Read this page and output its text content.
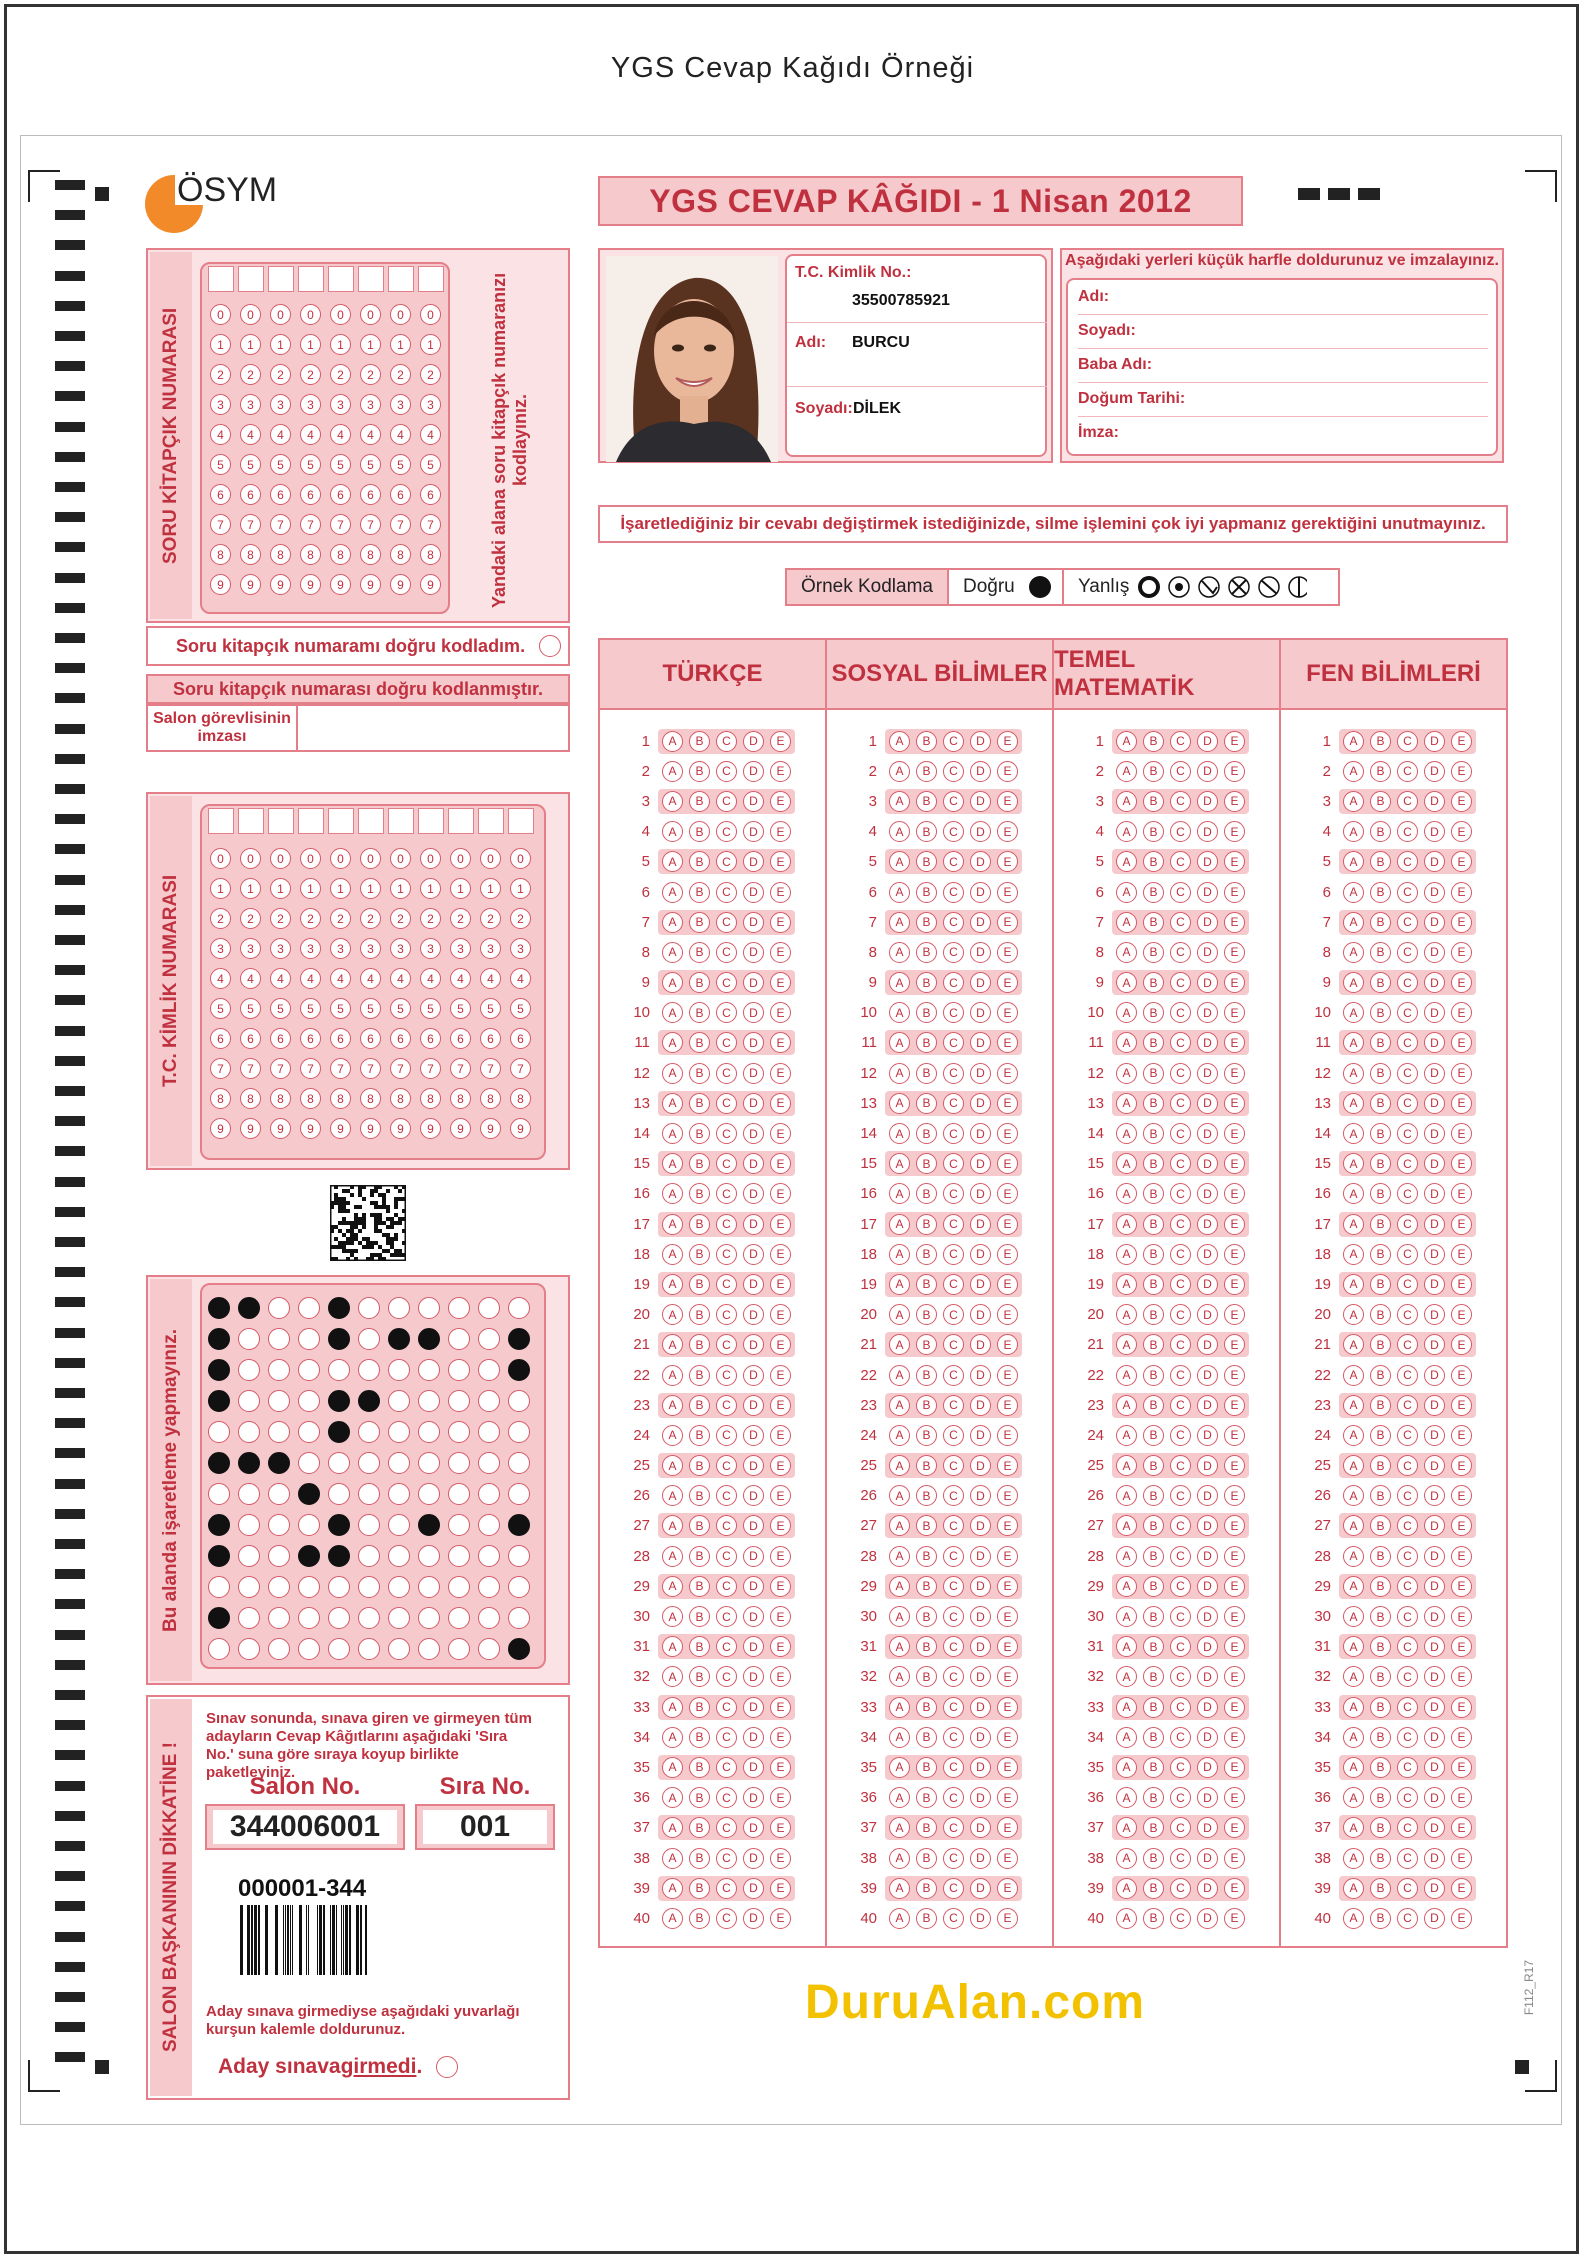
YGS Cevap Kağıdı Örneği
ÖSYM	YGS CEVAP KÂĞIDI - 1 Nisan 2012
T.C. Kimlik No.:
35500785921
Adı: BURCU
Soyadı: DİLEK
Aşağıdaki yerleri küçük harfle doldurunuz ve imzalayınız.
Adı:
Soyadı:
Baba Adı:
Doğum Tarihi:
İmza:
İşaretlediğiniz bir cevabı değiştirmek istediğinizde, silme işlemini çok iyi yapmanız gerektiğini unutmayınız.
Örnek Kodlama	Doğru	Yanlış
SORU KİTAPÇIK NUMARASI	0	0	0	0	0	0	0	0
1	1	1	1	1	1	1	1
2	2	2	2	2	2	2	2
3	3	3	3	3	3	3	3
4	4	4	4	4	4	4	4
5	5	5	5	5	5	5	5
6	6	6	6	6	6	6	6
7	7	7	7	7	7	7	7
8	8	8	8	8	8	8	8
9	9	9	9	9	9	9	9	Yandaki alana soru kitapçık numaranızı kodlayınız.
Soru kitapçık numaramı doğru kodladım.
Soru kitapçık numarası doğru kodlanmıştır.
Salon görevlisinin imzası
T.C. KİMLİK NUMARASI
0	0	0	0	0	0	0	0	0	0	0
1	1	1	1	1	1	1	1	1	1	1
2	2	2	2	2	2	2	2	2	2	2
3	3	3	3	3	3	3	3	3	3	3
4	4	4	4	4	4	4	4	4	4	4
5	5	5	5	5	5	5	5	5	5	5
6	6	6	6	6	6	6	6	6	6	6
7	7	7	7	7	7	7	7	7	7	7
8	8	8	8	8	8	8	8	8	8	8
9	9	9	9	9	9	9	9	9	9	9
Bu alanda işaretleme yapmayınız.
SALON BAŞKANININ DİKKATİNE !
Sınav sonunda, sınava giren ve girmeyen tüm adayların Cevap Kâğıtlarını aşağıdaki 'Sıra No.' suna göre sıraya koyup birlikte paketleyiniz.
Salon No.	Sıra No.
344006001	001
000001-344
Aday sınava girmediyse aşağıdaki yuvarlağı kurşun kalemle doldurunuz.
Aday sınava girmedi .
TÜRKÇE
1	A	B	C	D	E
2	A	B	C	D	E
3	A	B	C	D	E
4	A	B	C	D	E
5	A	B	C	D	E
6	A	B	C	D	E
7	A	B	C	D	E
8	A	B	C	D	E
9	A	B	C	D	E
10	A	B	C	D	E
11	A	B	C	D	E
12	A	B	C	D	E
13	A	B	C	D	E
14	A	B	C	D	E
15	A	B	C	D	E
16	A	B	C	D	E
17	A	B	C	D	E
18	A	B	C	D	E
19	A	B	C	D	E
20	A	B	C	D	E
21	A	B	C	D	E
22	A	B	C	D	E
23	A	B	C	D	E
24	A	B	C	D	E
25	A	B	C	D	E
26	A	B	C	D	E
27	A	B	C	D	E
28	A	B	C	D	E
29	A	B	C	D	E
30	A	B	C	D	E
31	A	B	C	D	E
32	A	B	C	D	E
33	A	B	C	D	E
34	A	B	C	D	E
35	A	B	C	D	E
36	A	B	C	D	E
37	A	B	C	D	E
38	A	B	C	D	E
39	A	B	C	D	E
40	A	B	C	D	E
SOSYAL BİLİMLER
1	A	B	C	D	E
2	A	B	C	D	E
3	A	B	C	D	E
4	A	B	C	D	E
5	A	B	C	D	E
6	A	B	C	D	E
7	A	B	C	D	E
8	A	B	C	D	E
9	A	B	C	D	E
10	A	B	C	D	E
11	A	B	C	D	E
12	A	B	C	D	E
13	A	B	C	D	E
14	A	B	C	D	E
15	A	B	C	D	E
16	A	B	C	D	E
17	A	B	C	D	E
18	A	B	C	D	E
19	A	B	C	D	E
20	A	B	C	D	E
21	A	B	C	D	E
22	A	B	C	D	E
23	A	B	C	D	E
24	A	B	C	D	E
25	A	B	C	D	E
26	A	B	C	D	E
27	A	B	C	D	E
28	A	B	C	D	E
29	A	B	C	D	E
30	A	B	C	D	E
31	A	B	C	D	E
32	A	B	C	D	E
33	A	B	C	D	E
34	A	B	C	D	E
35	A	B	C	D	E
36	A	B	C	D	E
37	A	B	C	D	E
38	A	B	C	D	E
39	A	B	C	D	E
40	A	B	C	D	E
TEMEL MATEMATİK
1	A	B	C	D	E
2	A	B	C	D	E
3	A	B	C	D	E
4	A	B	C	D	E
5	A	B	C	D	E
6	A	B	C	D	E
7	A	B	C	D	E
8	A	B	C	D	E
9	A	B	C	D	E
10	A	B	C	D	E
11	A	B	C	D	E
12	A	B	C	D	E
13	A	B	C	D	E
14	A	B	C	D	E
15	A	B	C	D	E
16	A	B	C	D	E
17	A	B	C	D	E
18	A	B	C	D	E
19	A	B	C	D	E
20	A	B	C	D	E
21	A	B	C	D	E
22	A	B	C	D	E
23	A	B	C	D	E
24	A	B	C	D	E
25	A	B	C	D	E
26	A	B	C	D	E
27	A	B	C	D	E
28	A	B	C	D	E
29	A	B	C	D	E
30	A	B	C	D	E
31	A	B	C	D	E
32	A	B	C	D	E
33	A	B	C	D	E
34	A	B	C	D	E
35	A	B	C	D	E
36	A	B	C	D	E
37	A	B	C	D	E
38	A	B	C	D	E
39	A	B	C	D	E
40	A	B	C	D	E
FEN BİLİMLERİ
1	A	B	C	D	E
2	A	B	C	D	E
3	A	B	C	D	E
4	A	B	C	D	E
5	A	B	C	D	E
6	A	B	C	D	E
7	A	B	C	D	E
8	A	B	C	D	E
9	A	B	C	D	E
10	A	B	C	D	E
11	A	B	C	D	E
12	A	B	C	D	E
13	A	B	C	D	E
14	A	B	C	D	E
15	A	B	C	D	E
16	A	B	C	D	E
17	A	B	C	D	E
18	A	B	C	D	E
19	A	B	C	D	E
20	A	B	C	D	E
21	A	B	C	D	E
22	A	B	C	D	E
23	A	B	C	D	E
24	A	B	C	D	E
25	A	B	C	D	E
26	A	B	C	D	E
27	A	B	C	D	E
28	A	B	C	D	E
29	A	B	C	D	E
30	A	B	C	D	E
31	A	B	C	D	E
32	A	B	C	D	E
33	A	B	C	D	E
34	A	B	C	D	E
35	A	B	C	D	E
36	A	B	C	D	E
37	A	B	C	D	E
38	A	B	C	D	E
39	A	B	C	D	E
40	A	B	C	D	E
DuruAlan.com	F112_R17
